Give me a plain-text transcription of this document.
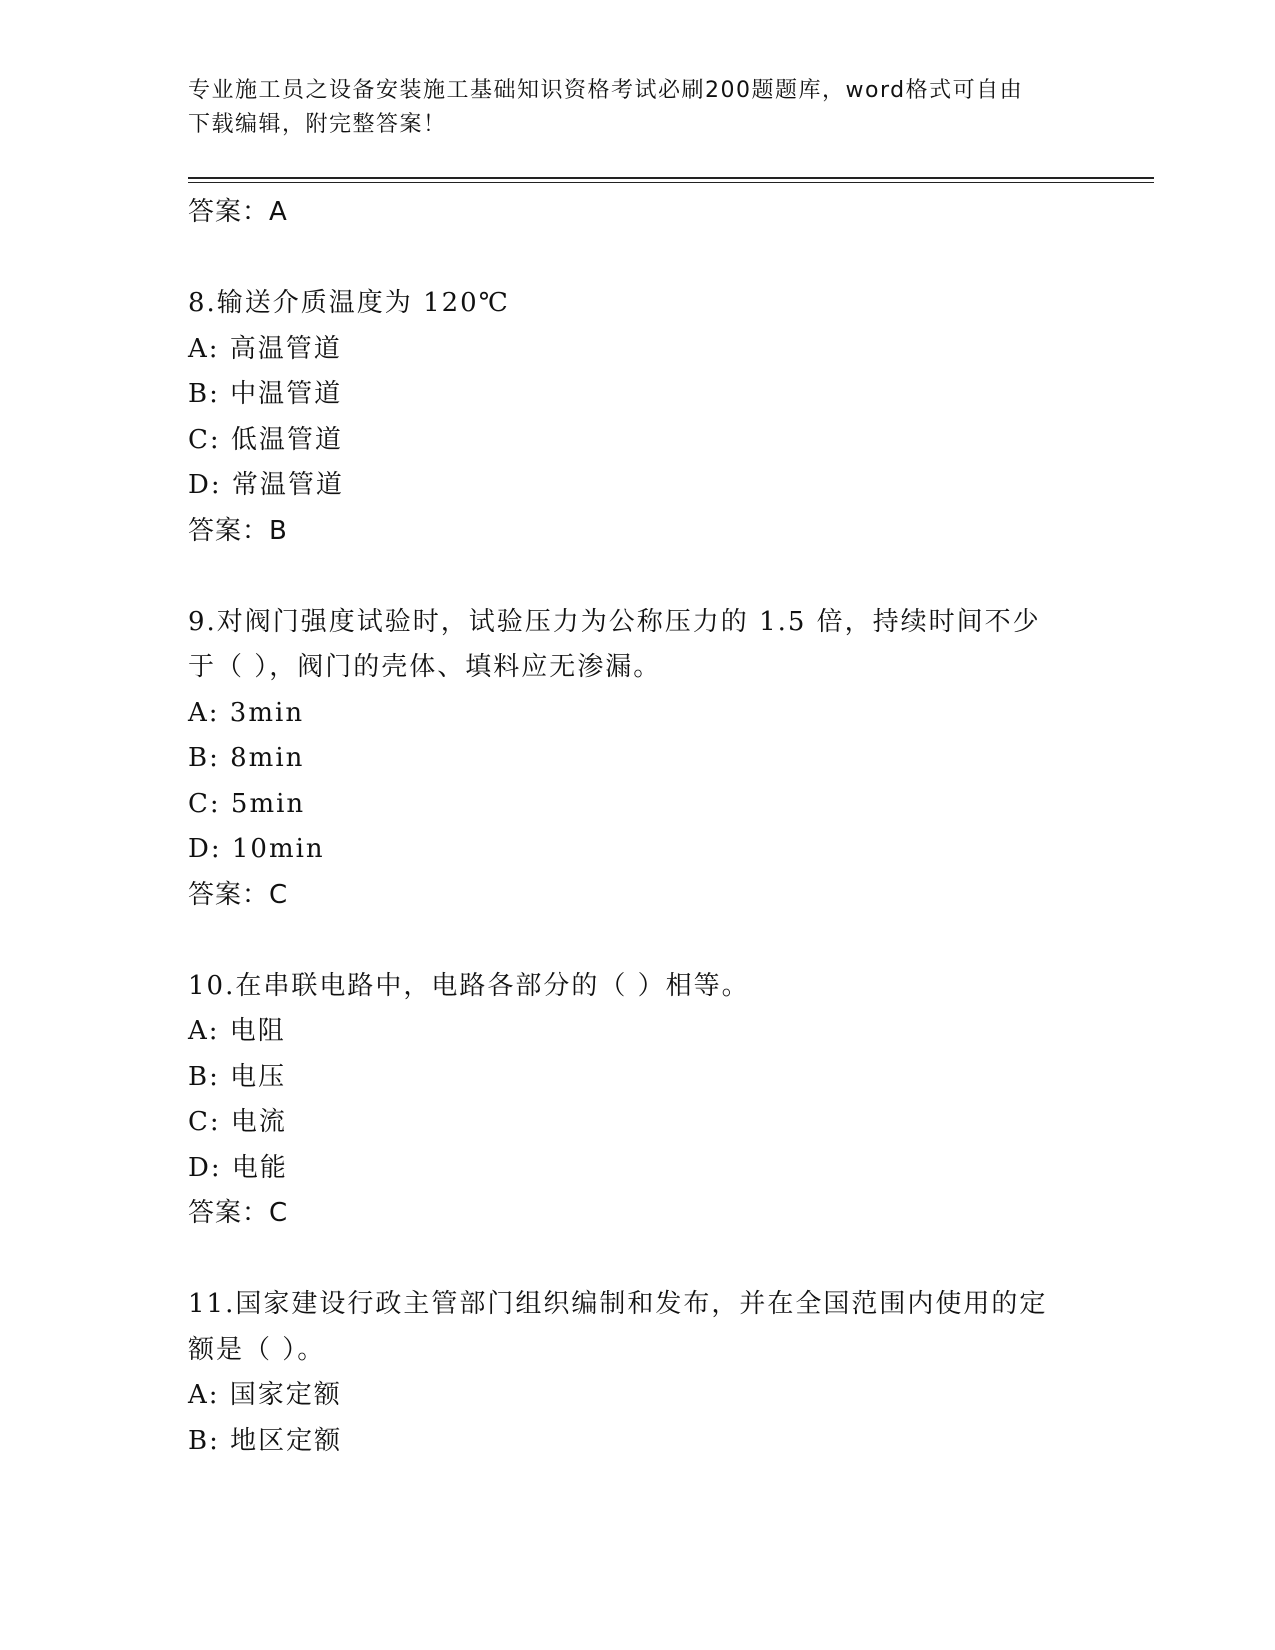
专业施工员之设备安装施工基础知识资格考试必刷200题题库，word格式可自由
下载编辑，附完整答案！
答案：A
8.输送介质温度为 120℃
A: 高温管道
B: 中温管道
C: 低温管道
D: 常温管道
答案：B
9.对阀门强度试验时，试验压力为公称压力的 1.5 倍，持续时间不少
于（ ），阀门的壳体、填料应无渗漏。
A: 3min
B: 8min
C: 5min
D: 10min
答案：C
10.在串联电路中，电路各部分的（ ）相等。
A: 电阻
B: 电压
C: 电流
D: 电能
答案：C
11.国家建设行政主管部门组织编制和发布，并在全国范围内使用的定
额是（ ）。
A: 国家定额
B: 地区定额
